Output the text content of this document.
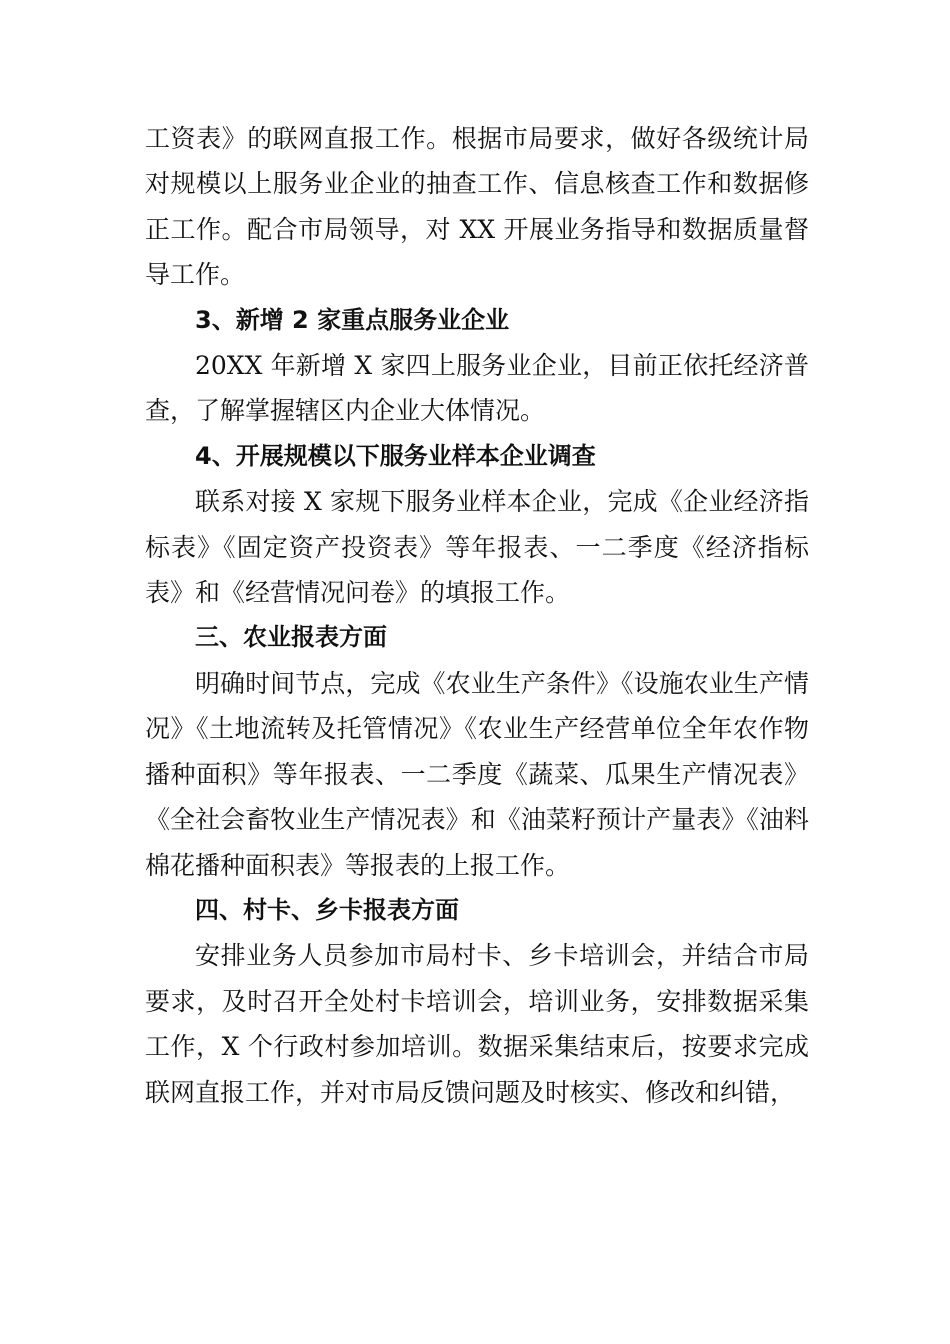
工资表》的联网直报工作。根据市局要求，做好各级统计局对规模以上服务业企业的抽查工作、信息核查工作和数据修正工作。配合市局领导，对 XX 开展业务指导和数据质量督导工作。

3、新增 2 家重点服务业企业

20XX 年新增 X 家四上服务业企业，目前正依托经济普查，了解掌握辖区内企业大体情况。

4、开展规模以下服务业样本企业调查

联系对接 X 家规下服务业样本企业，完成《企业经济指标表》《固定资产投资表》等年报表、一二季度《经济指标表》和《经营情况问卷》的填报工作。

三、农业报表方面

明确时间节点，完成《农业生产条件》《设施农业生产情况》《土地流转及托管情况》《农业生产经营单位全年农作物播种面积》等年报表、一二季度《蔬菜、瓜果生产情况表》《全社会畜牧业生产情况表》和《油菜籽预计产量表》《油料棉花播种面积表》等报表的上报工作。

四、村卡、乡卡报表方面

安排业务人员参加市局村卡、乡卡培训会，并结合市局要求，及时召开全处村卡培训会，培训业务，安排数据采集工作，X 个行政村参加培训。数据采集结束后，按要求完成联网直报工作，并对市局反馈问题及时核实、修改和纠错，
